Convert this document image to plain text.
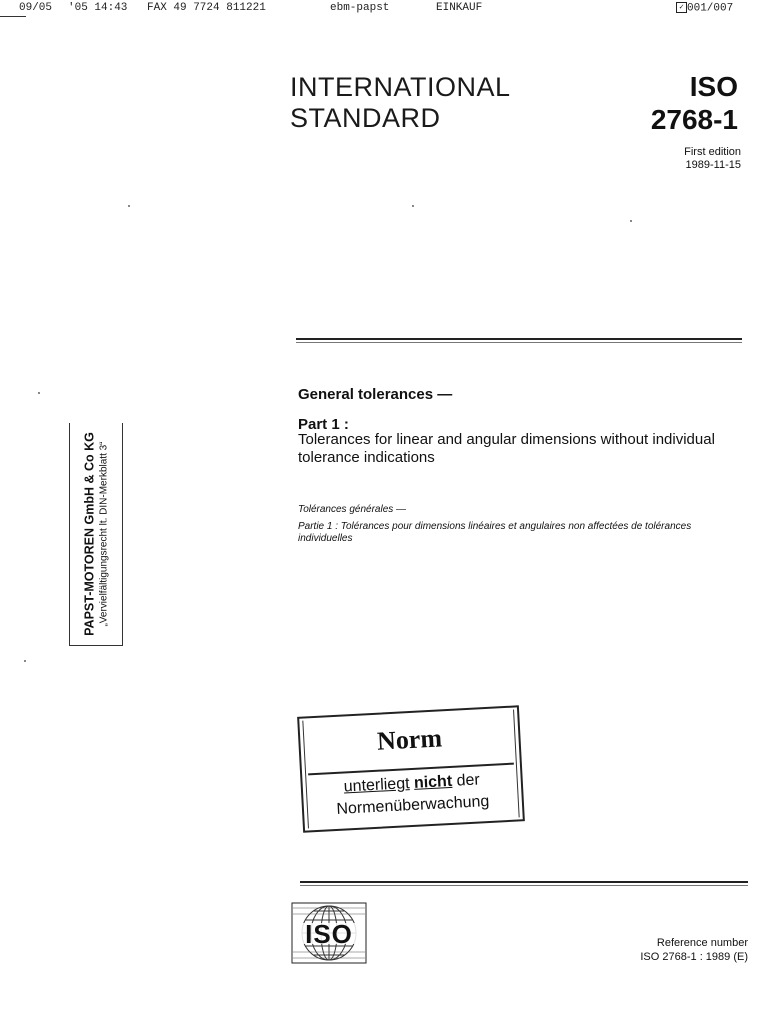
09/05 '05 14:43 FAX 49 7724 811221	ebm-papst	EINKAUF	✓ 001/007
INTERNATIONAL
STANDARD
ISO
2768-1
First edition
1989-11-15
General tolerances —
Part 1 :
Tolerances for linear and angular dimensions without individual tolerance indications
Tolérances générales —
Partie 1 : Tolérances pour dimensions linéaires et angulaires non affectées de tolérances individuelles
PAPST-MOTOREN GmbH & Co KG „Vervielfältigungsrecht lt. DIN-Merkblatt 3“
Norm
unterliegt nicht der
Normenüberwachung
ISO	Reference number
ISO 2768-1 : 1989 (E)
